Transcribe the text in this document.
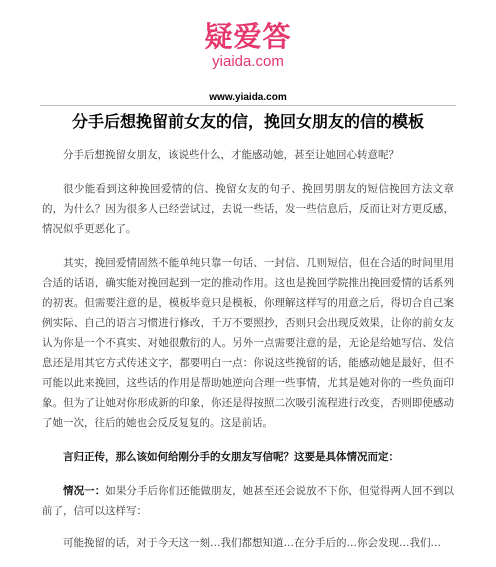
疑爱答
yiaida.com
www.yiaida.com
分手后想挽留前女友的信，挽回女朋友的信的模板

分手后想挽留女朋友，该说些什么，才能感动她，甚至让她回心转意呢？

很少能看到这种挽回爱情的信、挽留女友的句子、挽回男朋友的短信挽回方法文章的，为什么？因为很多人已经尝试过，去说一些话，发一些信息后，反而让对方更反感，情况似乎更恶化了。

其实，挽回爱情固然不能单纯只靠一句话、一封信、几则短信，但在合适的时间里用合适的话语，确实能对挽回起到一定的推动作用。这也是挽回学院推出挽回爱情的话系列的初衷。但需要注意的是，模板毕竟只是模板，你理解这样写的用意之后，得切合自己案例实际、自己的语言习惯进行修改，千万不要照抄，否则只会出现反效果，让你的前女友认为你是一个不真实、对她很敷衍的人。另外一点需要注意的是，无论是给她写信、发信息还是用其它方式传述文字，都要明白一点：你说这些挽留的话，能感动她是最好，但不可能以此来挽回，这些话的作用是帮助她逆向合理一些事情，尤其是她对你的一些负面印象。但为了让她对你形成新的印象，你还是得按照二次吸引流程进行改变，否则即使感动了她一次，往后的她也会反反复复的。这是前话。

言归正传，那么该如何给刚分手的女朋友写信呢？这要是具体情况而定：

情况一：如果分手后你们还能做朋友，她甚至还会说放不下你，但觉得两人回不到以前了，信可以这样写：

可能挽留的话，对于今天这一刻…我们都想知道…在分手后的…你会发现…我们…
